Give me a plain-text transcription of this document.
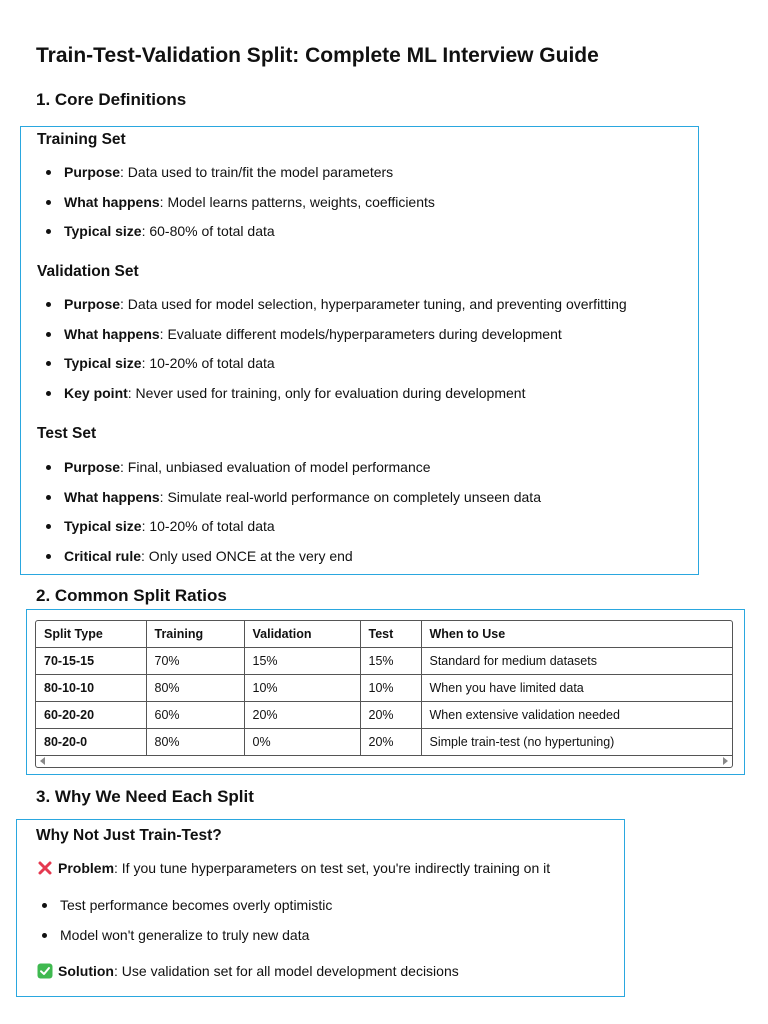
Train-Test-Validation Split: Complete ML Interview Guide
1. Core Definitions
Training Set
Purpose: Data used to train/fit the model parameters
What happens: Model learns patterns, weights, coefficients
Typical size: 60-80% of total data
Validation Set
Purpose: Data used for model selection, hyperparameter tuning, and preventing overfitting
What happens: Evaluate different models/hyperparameters during development
Typical size: 10-20% of total data
Key point: Never used for training, only for evaluation during development
Test Set
Purpose: Final, unbiased evaluation of model performance
What happens: Simulate real-world performance on completely unseen data
Typical size: 10-20% of total data
Critical rule: Only used ONCE at the very end
2. Common Split Ratios
Split Type	Training	Validation	Test	When to Use
70-15-15	70%	15%	15%	Standard for medium datasets
80-10-10	80%	10%	10%	When you have limited data
60-20-20	60%	20%	20%	When extensive validation needed
80-20-0	80%	0%	20%	Simple train-test (no hypertuning)
3. Why We Need Each Split
Why Not Just Train-Test?
Problem : If you tune hyperparameters on test set, you're indirectly training on it
Test performance becomes overly optimistic
Model won't generalize to truly new data
Solution : Use validation set for all model development decisions
